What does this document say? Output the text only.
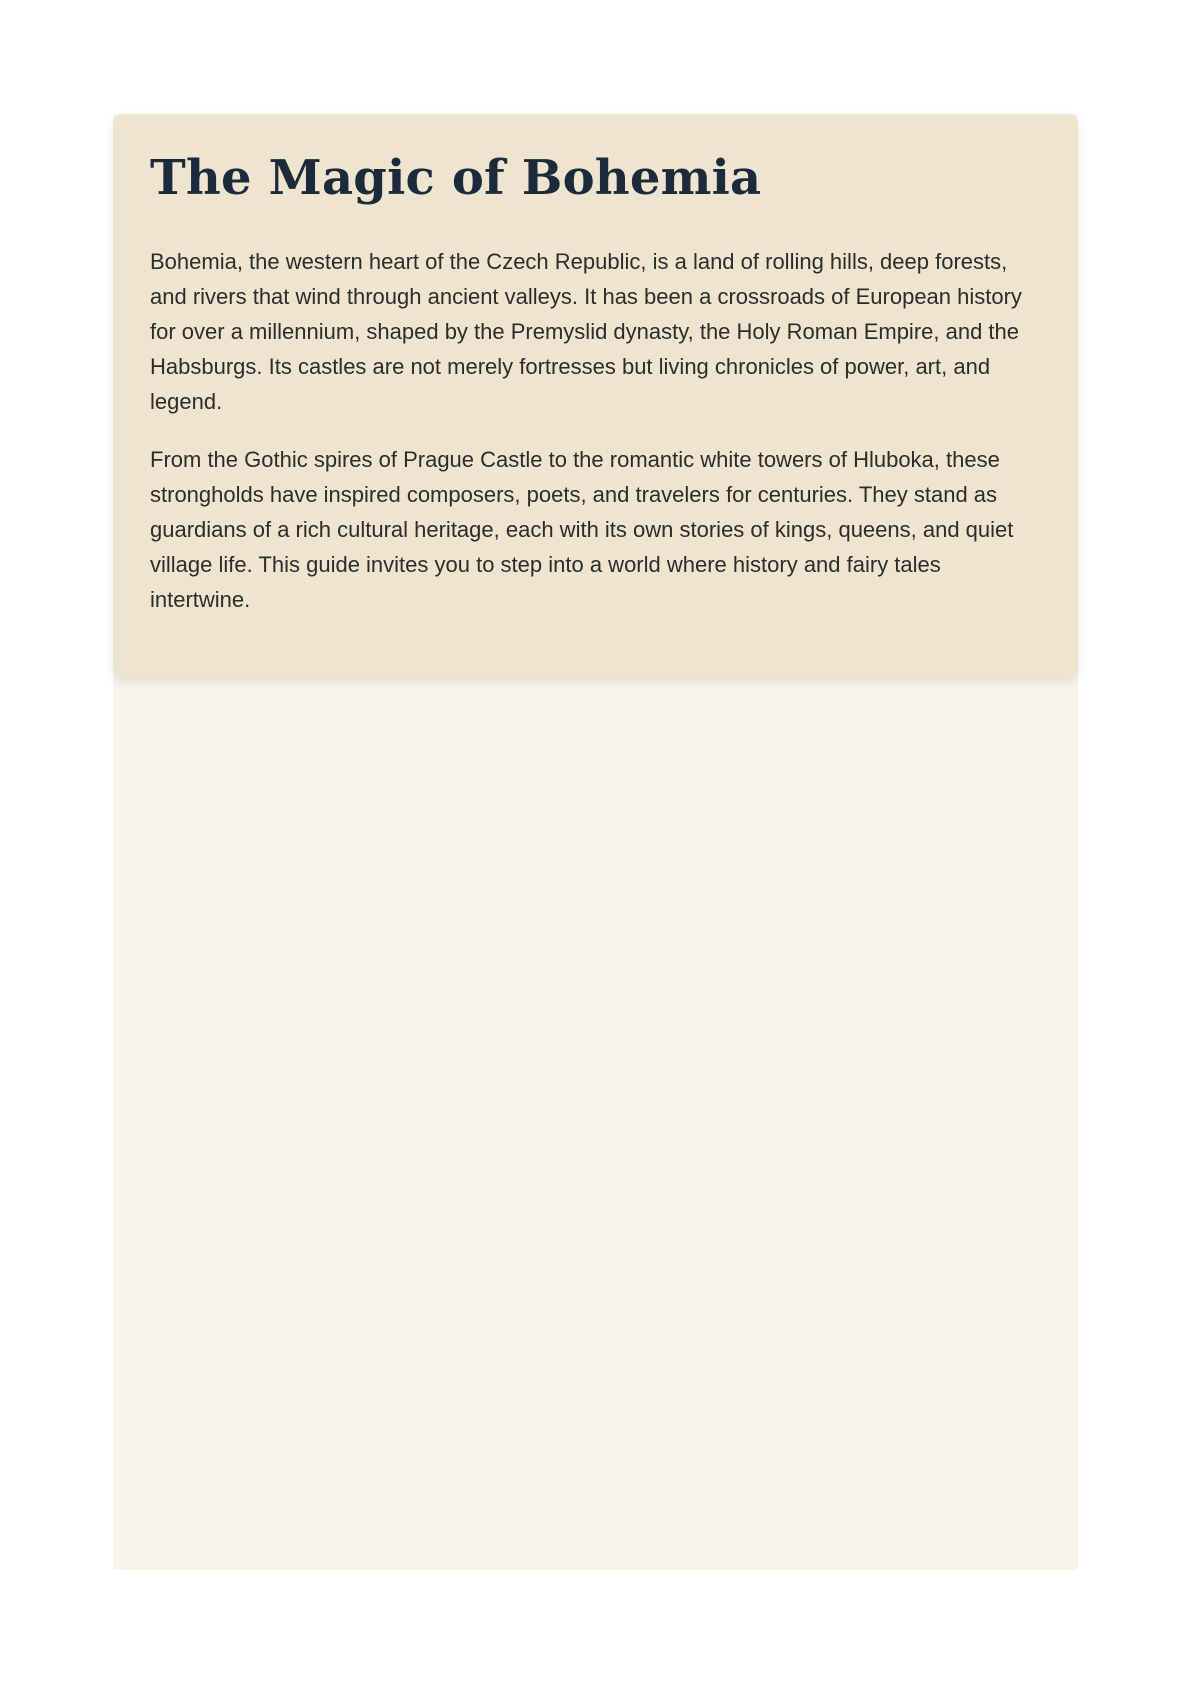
The Magic of Bohemia

Bohemia, the western heart of the Czech Republic, is a land of rolling hills, deep forests, and rivers that wind through ancient valleys. It has been a crossroads of European history for over a millennium, shaped by the Premyslid dynasty, the Holy Roman Empire, and the Habsburgs. Its castles are not merely fortresses but living chronicles of power, art, and legend.

From the Gothic spires of Prague Castle to the romantic white towers of Hluboka, these strongholds have inspired composers, poets, and travelers for centuries. They stand as guardians of a rich cultural heritage, each with its own stories of kings, queens, and quiet village life. This guide invites you to step into a world where history and fairy tales intertwine.
